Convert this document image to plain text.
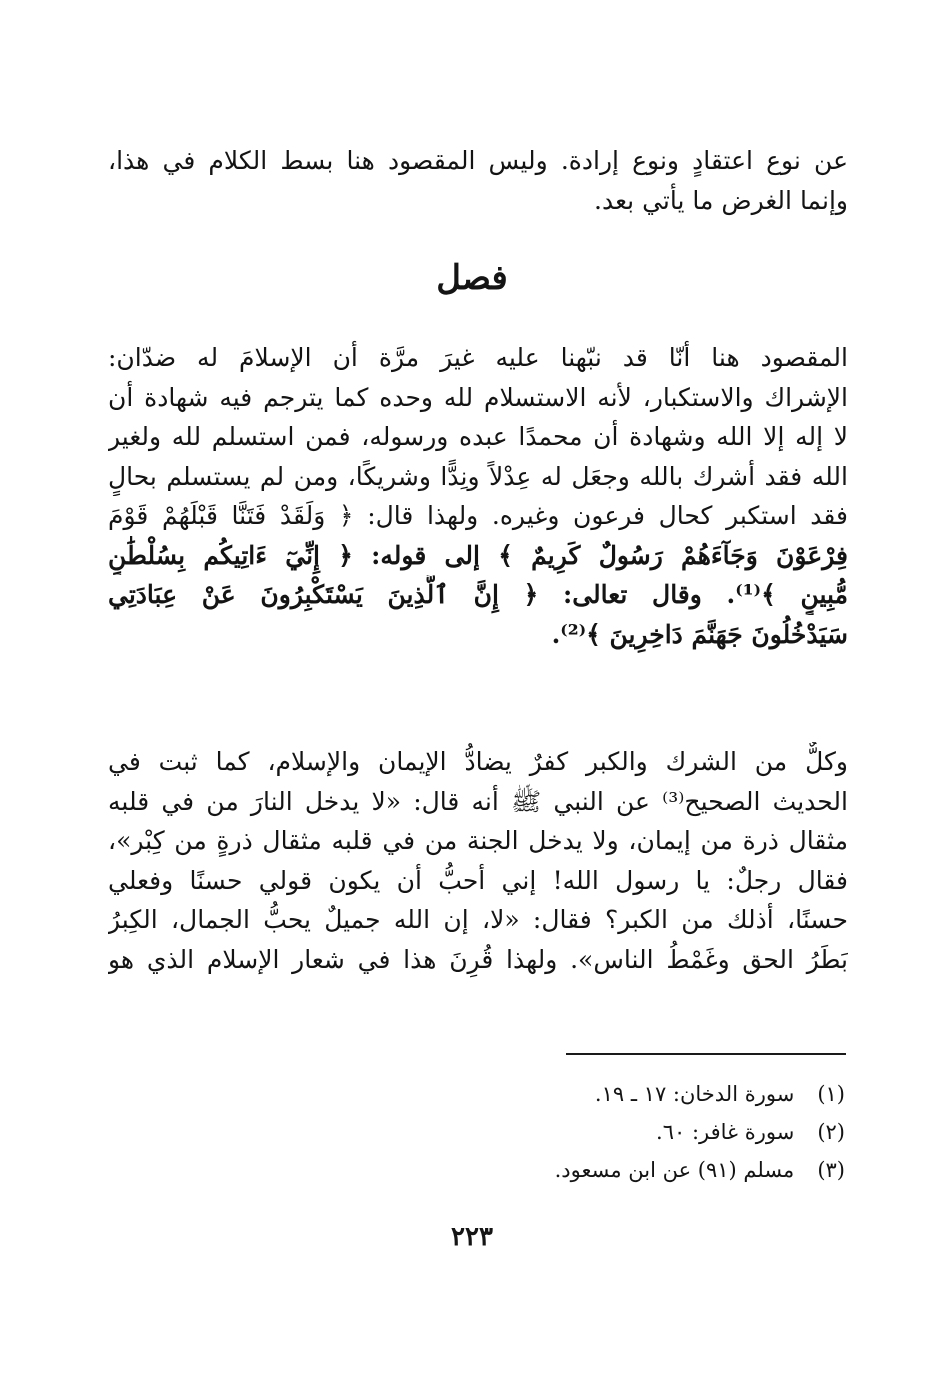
عن نوع اعتقادٍ ونوع إرادة. وليس المقصود هنا بسط الكلام في هذا،
وإنما الغرض ما يأتي بعد.

فصل

المقصود هنا أنّا قد نبّهنا عليه غيرَ مرَّة أن الإسلامَ له ضدّان:
الإشراك والاستكبار، لأنه الاستسلام لله وحده كما يترجم فيه شهادة أن
لا إله إلا الله وشهادة أن محمدًا عبده ورسوله، فمن استسلم لله ولغير
الله فقد أشرك بالله وجعَل له عِدْلاً ونِدًّا وشريكًا، ومن لم يستسلم بحالٍ
فقد استكبر كحال فرعون وغيره. ولهذا قال: ﴿ وَلَقَدْ فَتَنَّا قَبْلَهُمْ قَوْمَ
فِرْعَوْنَ وَجَآءَهُمْ رَسُولٌ كَرِيمٌ ﴾ إلى قوله: ﴿ إِنِّيٓ ءَاتِيكُم بِسُلْطَٰنٍ
مُّبِينٍ ﴾⁽¹⁾. وقال تعالى: ﴿ إِنَّ ٱلَّذِينَ يَسْتَكْبِرُونَ عَنْ عِبَادَتِي
سَيَدْخُلُونَ جَهَنَّمَ دَاخِرِينَ ﴾⁽²⁾.

وكلٌّ من الشرك والكبر كفرٌ يضادُّ الإيمان والإسلام، كما ثبت في
الحديث الصحيح⁽³⁾ عن النبي ﷺ أنه قال: «لا يدخل النارَ من في قلبه
مثقال ذرة من إيمان، ولا يدخل الجنة من في قلبه مثقال ذرةٍ من كِبْر»،
فقال رجلٌ: يا رسول الله! إني أحبُّ أن يكون قولي حسنًا وفعلي
حسنًا، أذلك من الكبر؟ فقال: «لا، إن الله جميلٌ يحبُّ الجمال، الكِبرُ
بَطَرُ الحق وغَمْطُ الناس». ولهذا قُرِنَ هذا في شعار الإسلام الذي هو

(١) سورة الدخان: ١٧ ـ ١٩.
(٢) سورة غافر: ٦٠.
(٣) مسلم (٩١) عن ابن مسعود.
٢٢٣
